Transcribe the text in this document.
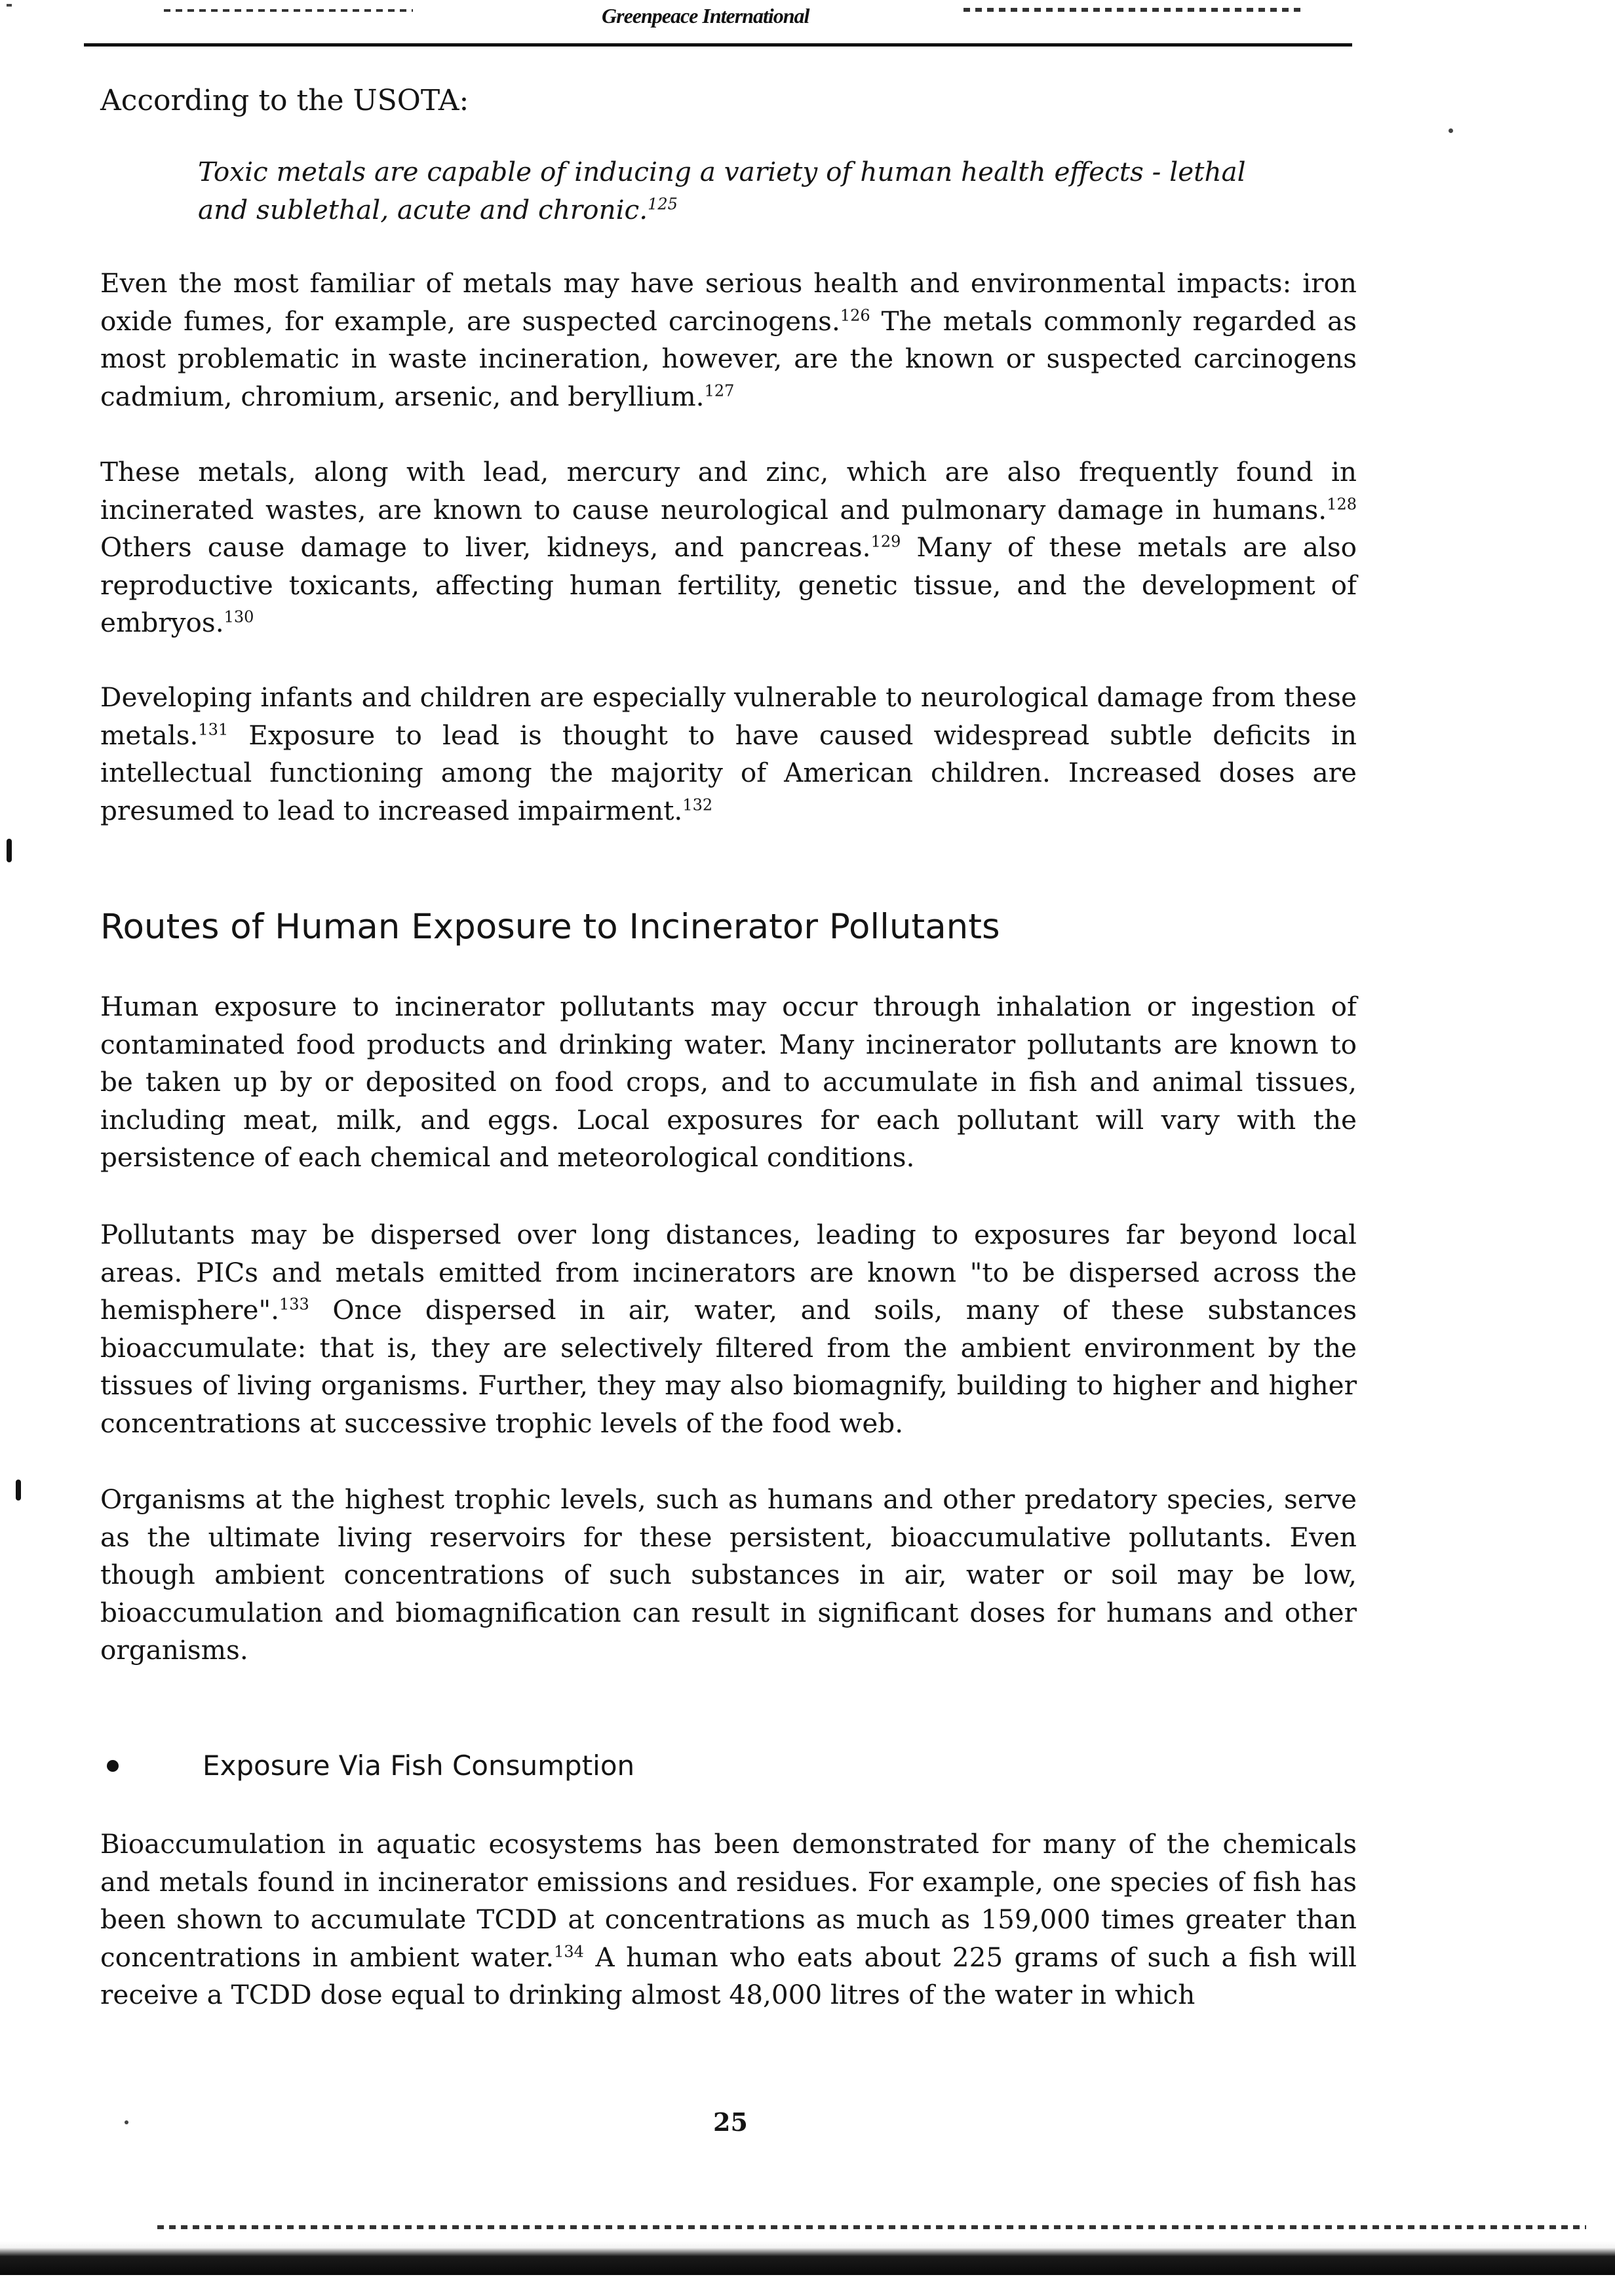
Greenpeace International

According to the USOTA:

Toxic metals are capable of inducing a variety of human health effects - lethal and sublethal, acute and chronic.$^{125}$

Even the most familiar of metals may have serious health and environmental impacts: iron oxide fumes, for example, are suspected carcinogens.$^{126}$ The metals commonly regarded as most problematic in waste incineration, however, are the known or suspected carcinogens cadmium, chromium, arsenic, and beryllium.$^{127}$

These metals, along with lead, mercury and zinc, which are also frequently found in incinerated wastes, are known to cause neurological and pulmonary damage in humans.$^{128}$ Others cause damage to liver, kidneys, and pancreas.$^{129}$ Many of these metals are also reproductive toxicants, affecting human fertility, genetic tissue, and the development of embryos.$^{130}$

Developing infants and children are especially vulnerable to neurological damage from these metals.$^{131}$ Exposure to lead is thought to have caused widespread subtle deficits in intellectual functioning among the majority of American children. Increased doses are presumed to lead to increased impairment.$^{132}$

Routes of Human Exposure to Incinerator Pollutants

Human exposure to incinerator pollutants may occur through inhalation or ingestion of contaminated food products and drinking water. Many incinerator pollutants are known to be taken up by or deposited on food crops, and to accumulate in fish and animal tissues, including meat, milk, and eggs. Local exposures for each pollutant will vary with the persistence of each chemical and meteorological conditions.

Pollutants may be dispersed over long distances, leading to exposures far beyond local areas. PICs and metals emitted from incinerators are known "to be dispersed across the hemisphere".$^{133}$ Once dispersed in air, water, and soils, many of these substances bioaccumulate: that is, they are selectively filtered from the ambient environment by the tissues of living organisms. Further, they may also biomagnify, building to higher and higher concentrations at successive trophic levels of the food web.

Organisms at the highest trophic levels, such as humans and other predatory species, serve as the ultimate living reservoirs for these persistent, bioaccumulative pollutants. Even though ambient concentrations of such substances in air, water or soil may be low, bioaccumulation and biomagnification can result in significant doses for humans and other organisms.

Exposure Via Fish Consumption

Bioaccumulation in aquatic ecosystems has been demonstrated for many of the chemicals and metals found in incinerator emissions and residues. For example, one species of fish has been shown to accumulate TCDD at concentrations as much as 159,000 times greater than concentrations in ambient water.$^{134}$ A human who eats about 225 grams of such a fish will receive a TCDD dose equal to drinking almost 48,000 litres of the water in which

25
